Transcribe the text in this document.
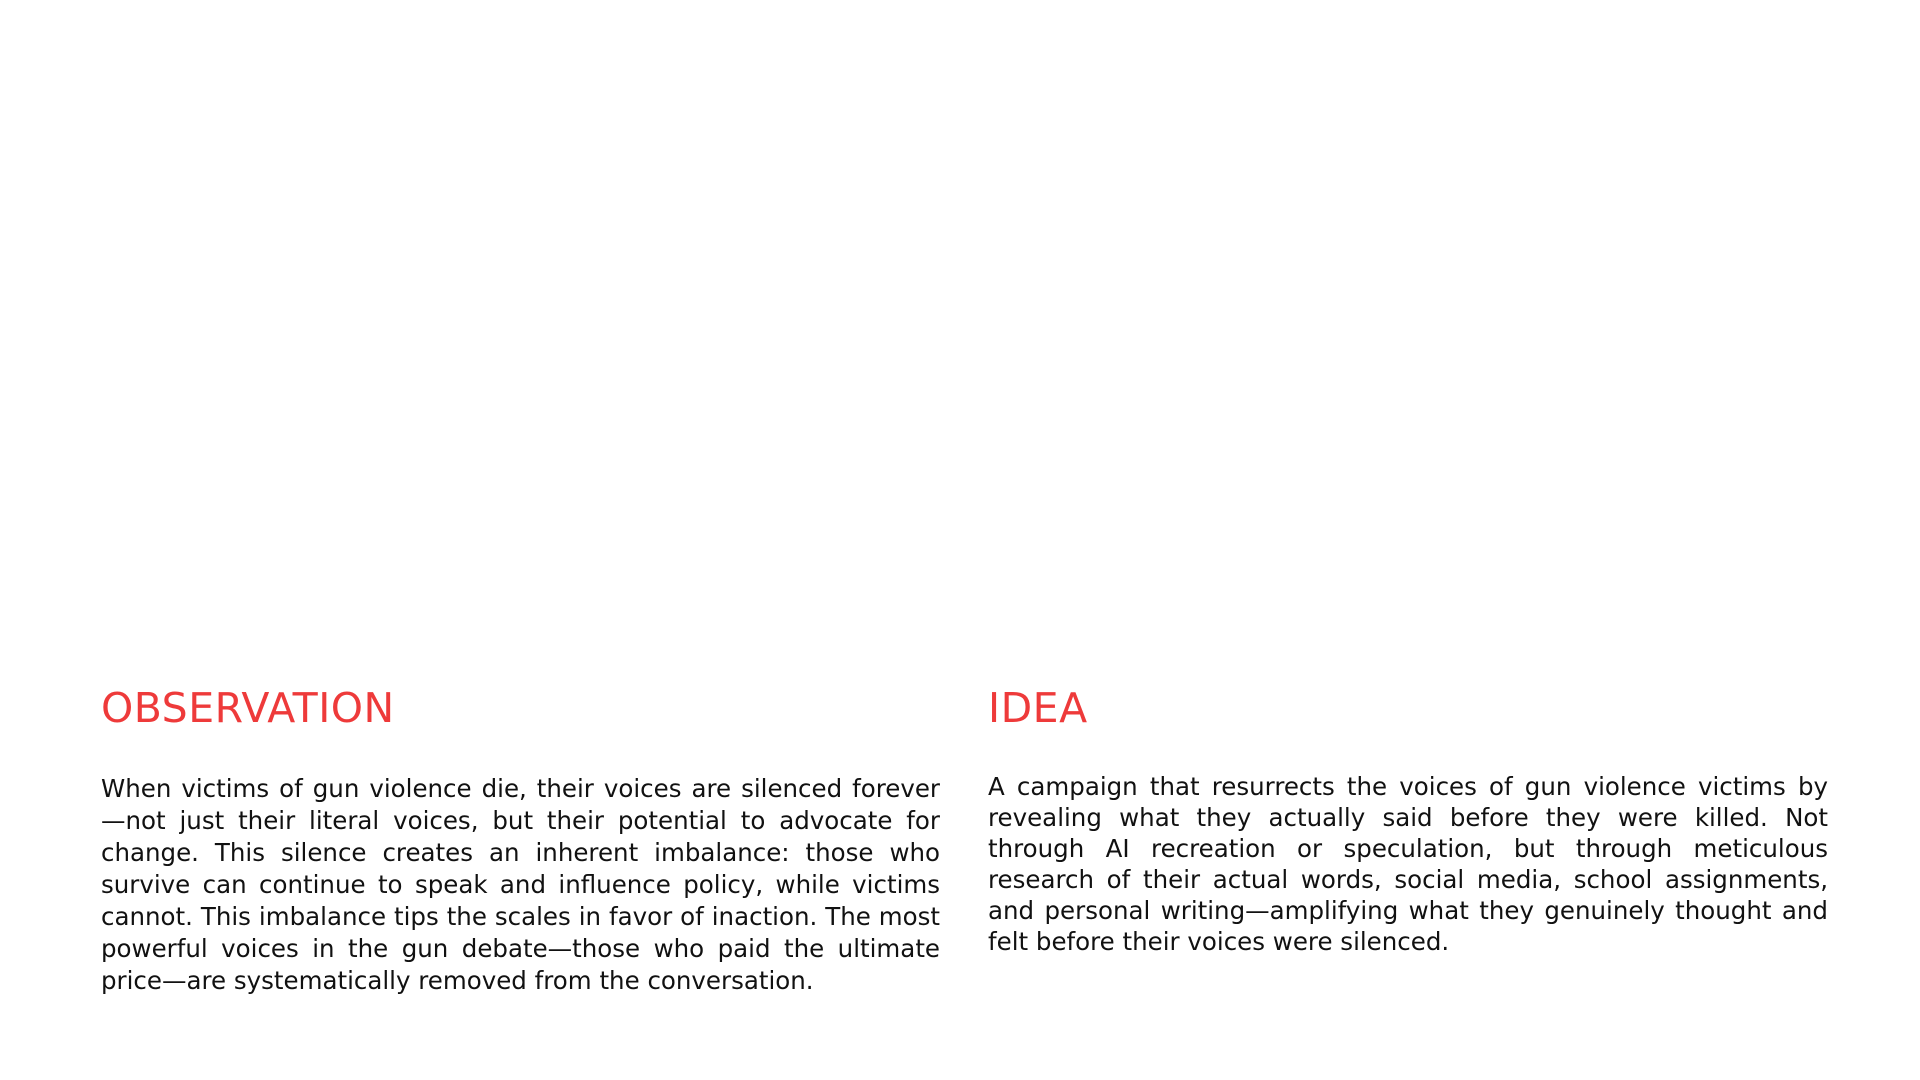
OBSERVATION

When victims of gun violence die, their voices are silenced forever—not just their literal voices, but their potential to advocate for change. This silence creates an inherent imbalance: those who survive can continue to speak and influence policy, while victims cannot. This imbalance tips the scales in favor of inaction. The most powerful voices in the gun debate—those who paid the ultimate price—are systematically removed from the conversation.

IDEA

A campaign that resurrects the voices of gun violence victims by revealing what they actually said before they were killed. Not through AI recreation or speculation, but through meticulous research of their actual words, social media, school assignments, and personal writing—amplifying what they genuinely thought and felt before their voices were silenced.
